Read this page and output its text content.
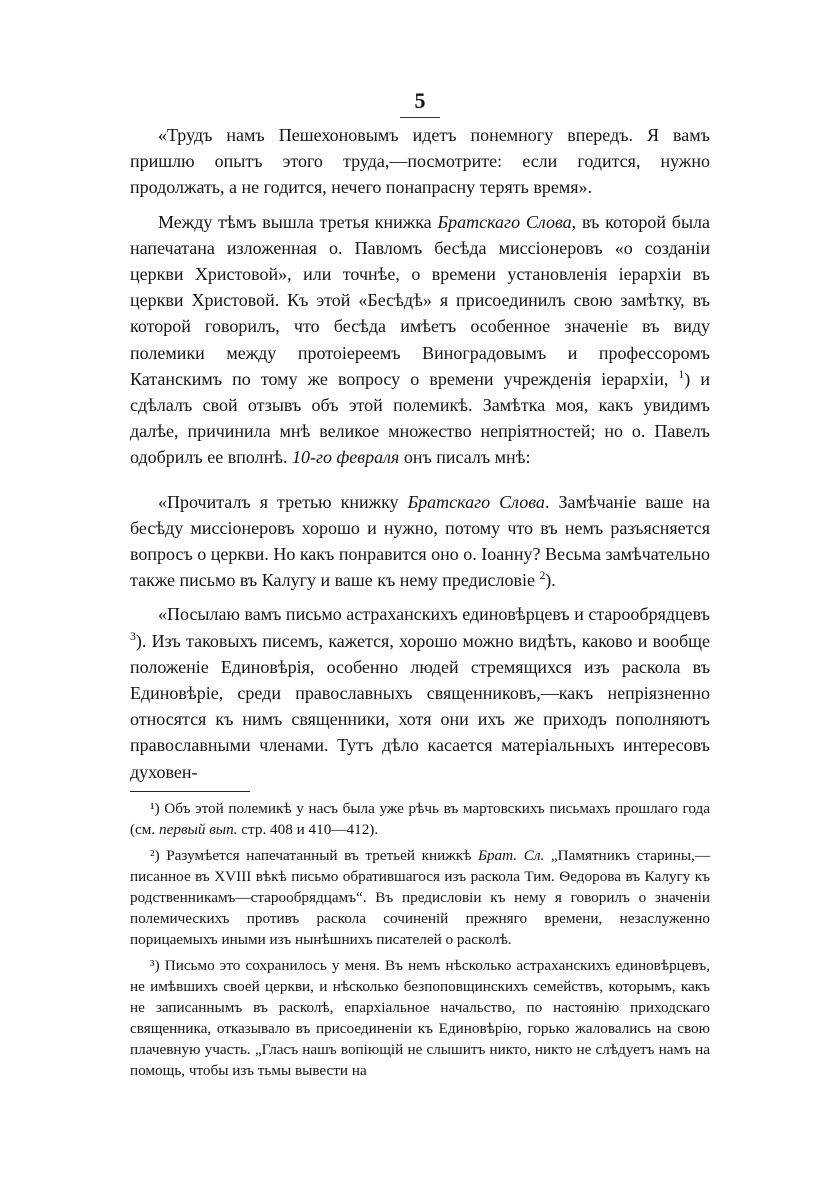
5

«Трудъ намъ Пешехоновымъ идетъ понемногу впередъ. Я вамъ пришлю опытъ этого труда,—посмотрите: если годится, нужно продолжать, а не годится, нечего понапрасну терять время».

Между тѣмъ вышла третья книжка Братскаго Слова, въ которой была напечатана изложенная о. Павломъ бесѣда миссіонеровъ «о созданіи церкви Христовой», или точнѣе, о времени установленія іерархіи въ церкви Христовой. Къ этой «Бесѣдѣ» я присоединилъ свою замѣтку, въ которой говорилъ, что бесѣда имѣетъ особенное значеніе въ виду полемики между протоіереемъ Виноградовымъ и профессоромъ Катанскимъ по тому же вопросу о времени учрежденія іерархіи, $^1$) и сдѣлалъ свой отзывъ объ этой полемикѣ. Замѣтка моя, какъ увидимъ далѣе, причинила мнѣ великое множество непріятностей; но о. Павелъ одобрилъ ее вполнѣ. 10-го февраля онъ писалъ мнѣ:

«Прочиталъ я третью книжку Братскаго Слова. Замѣчаніе ваше на бесѣду миссіонеровъ хорошо и нужно, потому что въ немъ разъясняется вопросъ о церкви. Но какъ понравится оно о. Іоанну? Весьма замѣчательно также письмо въ Калугу и ваше къ нему предисловіе $^2$).

«Посылаю вамъ письмо астраханскихъ единовѣрцевъ и старообрядцевъ $^3$). Изъ таковыхъ писемъ, кажется, хорошо можно видѣть, каково и вообще положеніе Единовѣрія, особенно людей стремящихся изъ раскола въ Единовѣріе, среди православныхъ священниковъ,—какъ непріязненно относятся къ нимъ священники, хотя они ихъ же приходъ пополняютъ православными членами. Тутъ дѣло касается матеріальныхъ интересовъ духовен-

¹) Объ этой полемикѣ у насъ была уже рѣчь въ мартовскихъ письмахъ прошлаго года (см. первый вып. стр. 408 и 410—412).

²) Разумѣется напечатанный въ третьей книжкѣ Брат. Сл. „Памятникъ старины,—писанное въ XVIII вѣкѣ письмо обратившагося изъ раскола Тим. Ѳедорова въ Калугу къ родственникамъ—старообрядцамъ“. Въ предисловіи къ нему я говорилъ о значеніи полемическихъ противъ раскола сочиненій прежняго времени, незаслуженно порицаемыхъ иными изъ нынѣшнихъ писателей о расколѣ.

³) Письмо это сохранилось у меня. Въ немъ нѣсколько астраханскихъ единовѣрцевъ, не имѣвшихъ своей церкви, и нѣсколько безпоповщинскихъ семействъ, которымъ, какъ не записаннымъ въ расколѣ, епархіальное начальство, по настоянію приходскаго священника, отказывало въ присоединеніи къ Единовѣрію, горько жаловались на свою плачевную участь. „Гласъ нашъ вопіющій не слышитъ никто, никто не слѣдуетъ намъ на помощь, чтобы изъ тьмы вывести на
